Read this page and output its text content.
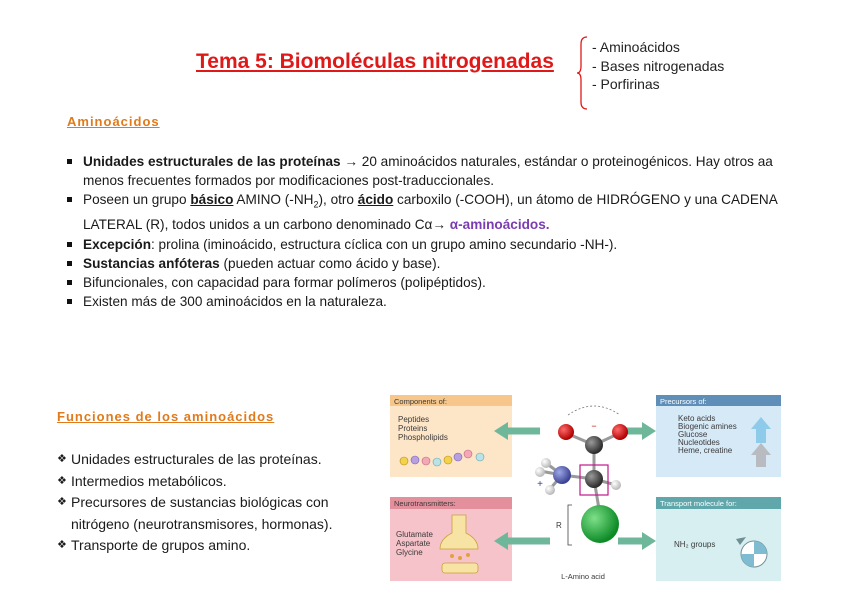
Tema 5: Biomoléculas nitrogenadas
- Aminoácidos
- Bases nitrogenadas
- Porfirinas
Aminoácidos
Unidades estructurales de las proteínas → 20 aminoácidos naturales, estándar o proteinogénicos. Hay otros aa menos frecuentes formados por modificaciones post-traduccionales.
Poseen un grupo básico AMINO $(-NH_2)$, otro ácido carboxilo (-COOH), un átomo de HIDRÓGENO y una CADENA LATERAL (R), todos unidos a un carbono denominado Cα→ α-aminoácidos.
Excepción: prolina (iminoácido, estructura cíclica con un grupo amino secundario -NH-).
Sustancias anfóteras (pueden actuar como ácido y base).
Bifuncionales, con capacidad para formar polímeros (polipéptidos).
Existen más de 300 aminoácidos en la naturaleza.
Funciones de los aminoácidos
❖ Unidades estructurales de las proteínas.
❖ Intermedios metabólicos.
❖ Precursores de sustancias biológicas con nitrógeno (neurotransmisores, hormonas).
❖ Transporte de grupos amino.
Components of:
Peptides
Proteins
Phospholipids
Precursors of:
Keto acids
Biogenic amines
Glucose
Nucleotides
Heme, creatine
Neurotransmitters:
Glutamate
Aspartate
Glycine
Transport molecule for:
NH₂ groups
−
+
R
L-Amino acid
